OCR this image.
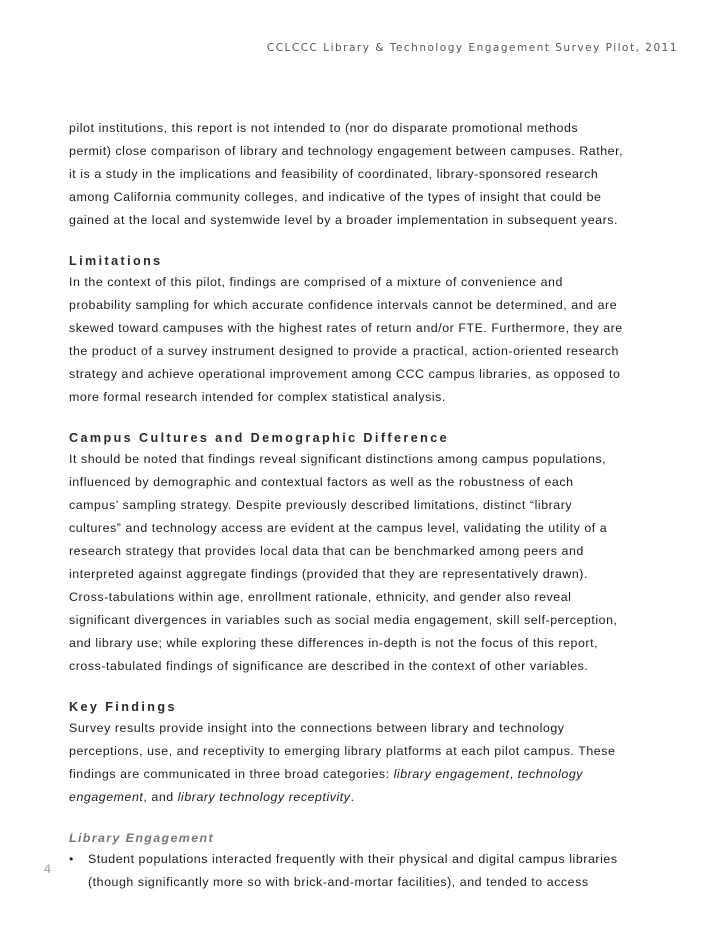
CCLCCC Library & Technology Engagement Survey Pilot, 2011

pilot institutions, this report is not intended to (nor do disparate promotional methods
permit) close comparison of library and technology engagement between campuses. Rather,
it is a study in the implications and feasibility of coordinated, library-sponsored research
among California community colleges, and indicative of the types of insight that could be
gained at the local and systemwide level by a broader implementation in subsequent years.

Limitations

In the context of this pilot, findings are comprised of a mixture of convenience and
probability sampling for which accurate confidence intervals cannot be determined, and are
skewed toward campuses with the highest rates of return and/or FTE. Furthermore, they are
the product of a survey instrument designed to provide a practical, action-oriented research
strategy and achieve operational improvement among CCC campus libraries, as opposed to
more formal research intended for complex statistical analysis.

Campus Cultures and Demographic Difference

It should be noted that findings reveal significant distinctions among campus populations,
influenced by demographic and contextual factors as well as the robustness of each
campus’ sampling strategy. Despite previously described limitations, distinct “library
cultures” and technology access are evident at the campus level, validating the utility of a
research strategy that provides local data that can be benchmarked among peers and
interpreted against aggregate findings (provided that they are representatively drawn).
Cross-tabulations within age, enrollment rationale, ethnicity, and gender also reveal
significant divergences in variables such as social media engagement, skill self-perception,
and library use; while exploring these differences in-depth is not the focus of this report,
cross-tabulated findings of significance are described in the context of other variables.

Key Findings

Survey results provide insight into the connections between library and technology
perceptions, use, and receptivity to emerging library platforms at each pilot campus. These
findings are communicated in three broad categories: library engagement, technology
engagement, and library technology receptivity.

Library Engagement
• Student populations interacted frequently with their physical and digital campus libraries
(though significantly more so with brick-and-mortar facilities), and tended to access
4
